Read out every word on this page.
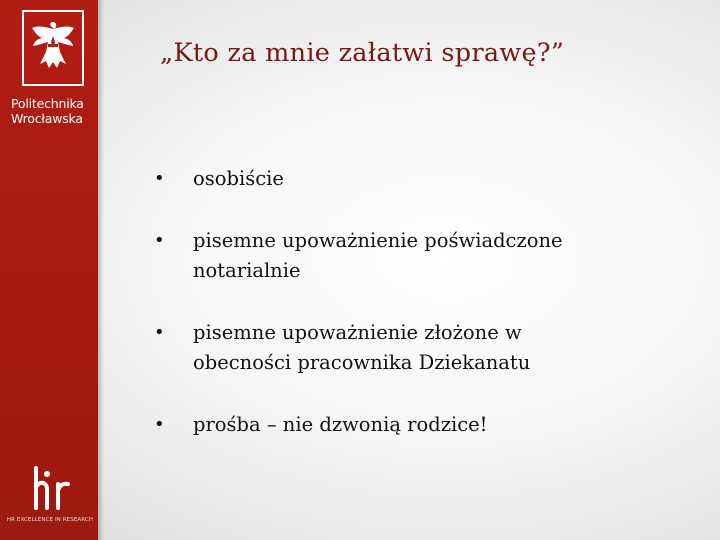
Politechnika
Wrocławska
HR EXCELLENCE IN RESEARCH
„Kto za mnie załatwi sprawę?”
• osobiście
• pisemne upoważnienie poświadczone
notarialnie
• pisemne upoważnienie złożone w
obecności pracownika Dziekanatu
• prośba – nie dzwonią rodzice!
